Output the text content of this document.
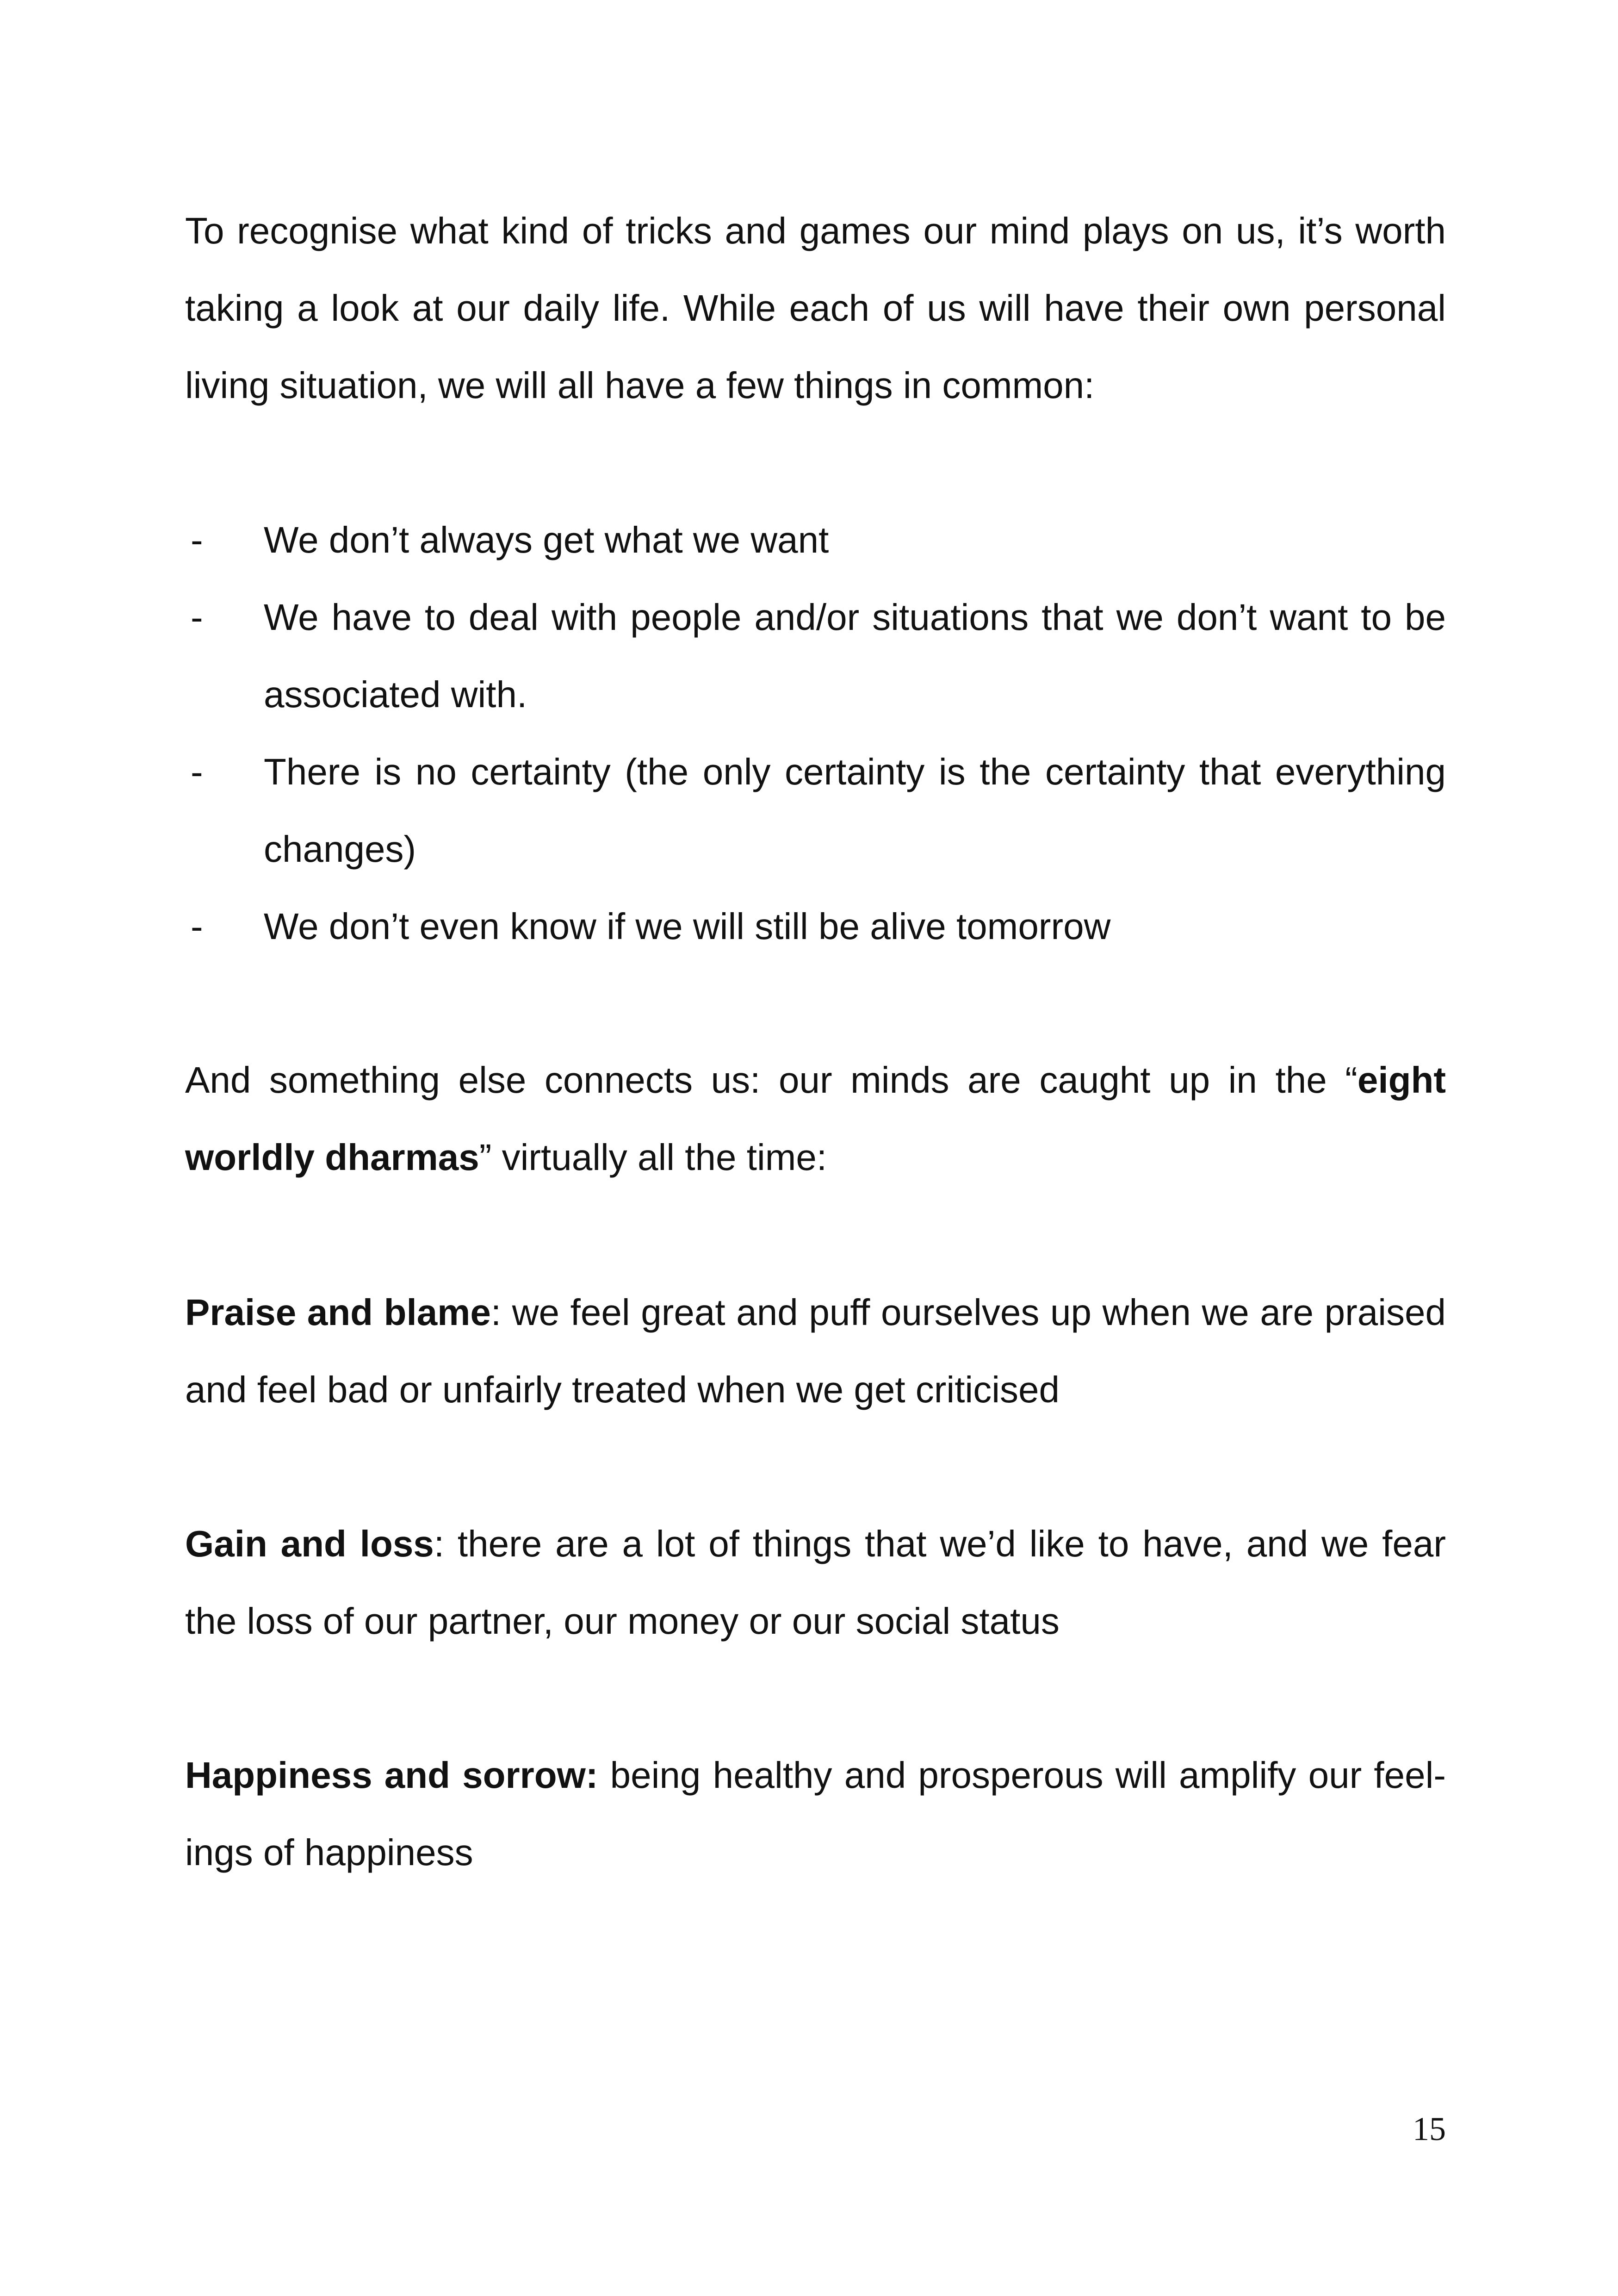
To recognise what kind of tricks and games our mind plays on us, it’s worth taking a look at our daily life. While each of us will have their own personal living situation, we will all have a few things in common:

- We don’t always get what we want
- We have to deal with people and/or situations that we don’t want to be associated with.
- There is no certainty (the only certainty is the certainty that everything changes)
- We don’t even know if we will still be alive tomorrow

And something else connects us: our minds are caught up in the “eight worldly dharmas” virtually all the time:

Praise and blame: we feel great and puff ourselves up when we are praised and feel bad or unfairly treated when we get criticised

Gain and loss: there are a lot of things that we’d like to have, and we fear the loss of our partner, our money or our social status

Happiness and sorrow: being healthy and prosperous will amplify our feelings of happiness

15
